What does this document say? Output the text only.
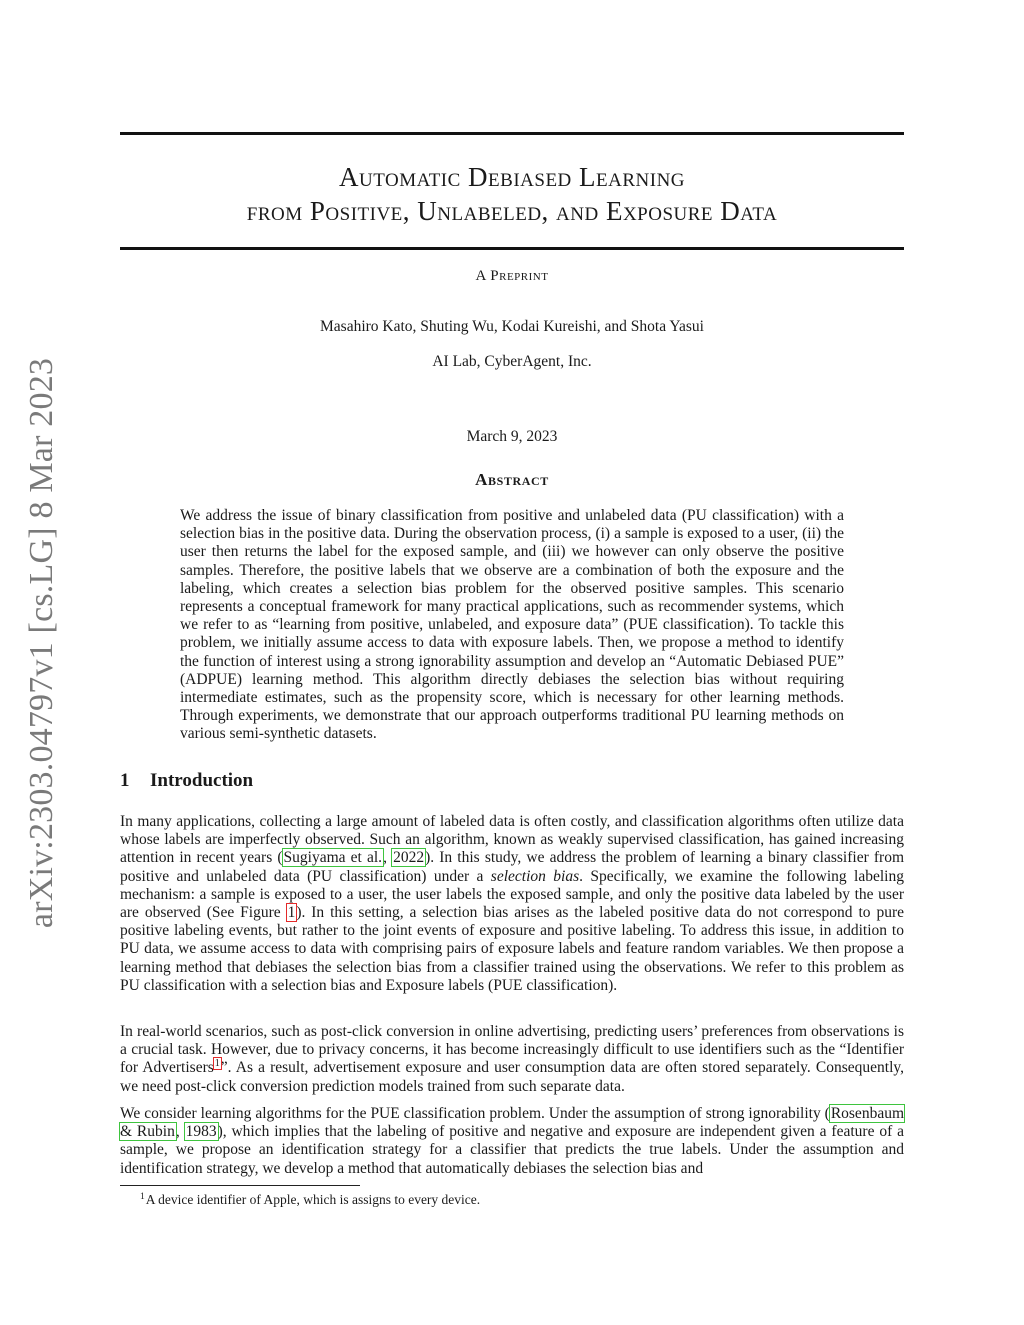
arXiv:2303.04797v1 [cs.LG] 8 Mar 2023
Automatic Debiased Learning
from Positive, Unlabeled, and Exposure Data
A Preprint
Masahiro Kato, Shuting Wu, Kodai Kureishi, and Shota Yasui
AI Lab, CyberAgent, Inc.
March 9, 2023
Abstract
We address the issue of binary classification from positive and unlabeled data (PU classification) with a selection bias in the positive data. During the observation process, (i) a sample is exposed to a user, (ii) the user then returns the label for the exposed sample, and (iii) we however can only observe the positive samples. Therefore, the positive labels that we observe are a combination of both the exposure and the labeling, which creates a selection bias problem for the observed positive samples. This scenario represents a conceptual framework for many practical applications, such as recommender systems, which we refer to as “learning from positive, unlabeled, and exposure data” (PUE classification). To tackle this problem, we initially assume access to data with exposure labels. Then, we propose a method to identify the function of interest using a strong ignorability assumption and develop an “Automatic Debiased PUE” (ADPUE) learning method. This algorithm directly debiases the selection bias without requiring intermediate estimates, such as the propensity score, which is necessary for other learning methods. Through experiments, we demonstrate that our approach outperforms traditional PU learning methods on various semi-synthetic datasets.
1 Introduction

In many applications, collecting a large amount of labeled data is often costly, and classification algorithms often utilize data whose labels are imperfectly observed. Such an algorithm, known as weakly supervised classification, has gained increasing attention in recent years (Sugiyama et al., 2022). In this study, we address the problem of learning a binary classifier from positive and unlabeled data (PU classification) under a selection bias. Specifically, we examine the following labeling mechanism: a sample is exposed to a user, the user labels the exposed sample, and only the positive data labeled by the user are observed (See Figure 1). In this setting, a selection bias arises as the labeled positive data do not correspond to pure positive labeling events, but rather to the joint events of exposure and positive labeling. To address this issue, in addition to PU data, we assume access to data with comprising pairs of exposure labels and feature random variables. We then propose a learning method that debiases the selection bias from a classifier trained using the observations. We refer to this problem as PU classification with a selection bias and Exposure labels (PUE classification).

In real-world scenarios, such as post-click conversion in online advertising, predicting users’ preferences from observations is a crucial task. However, due to privacy concerns, it has become increasingly difficult to use identifiers such as the “Identifier for Advertisers$^1$”. As a result, advertisement exposure and user consumption data are often stored separately. Consequently, we need post-click conversion prediction models trained from such separate data.

We consider learning algorithms for the PUE classification problem. Under the assumption of strong ignorability (Rosenbaum & Rubin, 1983), which implies that the labeling of positive and negative and exposure are independent given a feature of a sample, we propose an identification strategy for a classifier that predicts the true labels. Under the assumption and identification strategy, we develop a method that automatically debiases the selection bias and

$^1$A device identifier of Apple, which is assigns to every device.
